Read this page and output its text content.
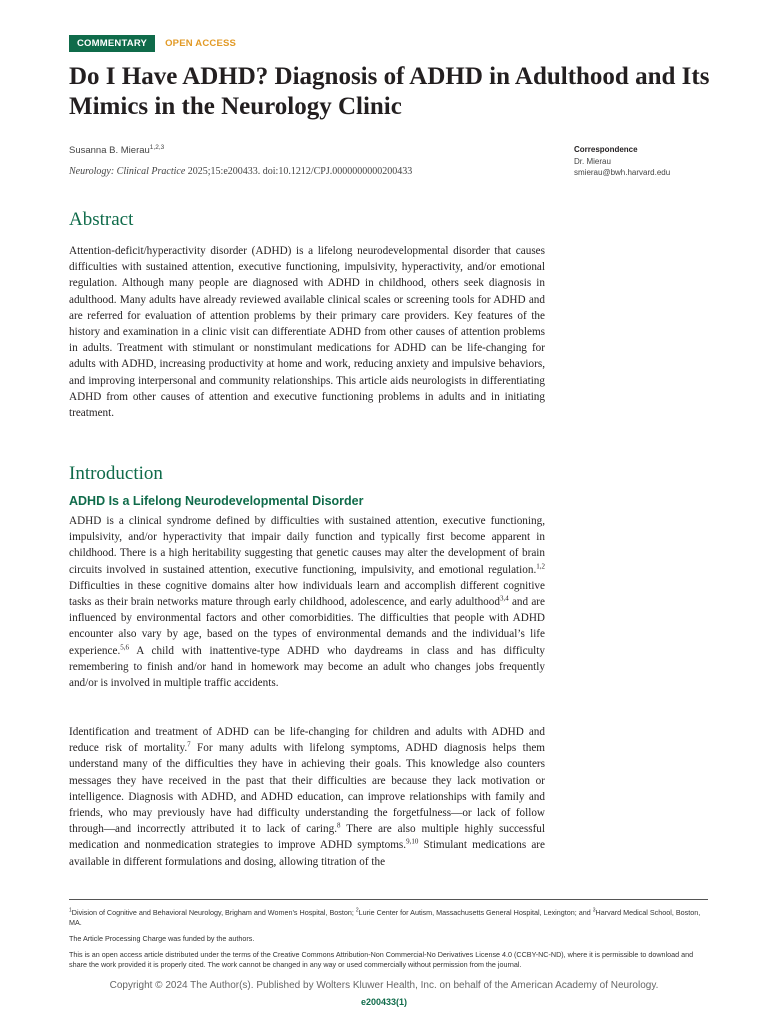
COMMENTARY	OPEN ACCESS
Do I Have ADHD? Diagnosis of ADHD in Adulthood and Its Mimics in the Neurology Clinic
Susanna B. Mierau$^{1,2,3}$
Neurology: Clinical Practice 2025;15:e200433. doi:10.1212/CPJ.0000000000200433
Correspondence
Dr. Mierau
smierau@bwh.harvard.edu
Abstract

Attention-deficit/hyperactivity disorder (ADHD) is a lifelong neurodevelopmental disorder that causes difficulties with sustained attention, executive functioning, impulsivity, hyperactivity, and/or emotional regulation. Although many people are diagnosed with ADHD in childhood, others seek diagnosis in adulthood. Many adults have already reviewed available clinical scales or screening tools for ADHD and are referred for evaluation of attention problems by their primary care providers. Key features of the history and examination in a clinic visit can differentiate ADHD from other causes of attention problems in adults. Treatment with stimulant or nonstimulant medications for ADHD can be life-changing for adults with ADHD, increasing productivity at home and work, reducing anxiety and impulsive behaviors, and improving interpersonal and community relationships. This article aids neurologists in differentiating ADHD from other causes of attention and executive functioning problems in adults and in initiating treatment.

Introduction
ADHD Is a Lifelong Neurodevelopmental Disorder

ADHD is a clinical syndrome defined by difficulties with sustained attention, executive functioning, impulsivity, and/or hyperactivity that impair daily function and typically first become apparent in childhood. There is a high heritability suggesting that genetic causes may alter the development of brain circuits involved in sustained attention, executive functioning, impulsivity, and emotional regulation.$^{1,2}$ Difficulties in these cognitive domains alter how individuals learn and accomplish different cognitive tasks as their brain networks mature through early childhood, adolescence, and early adulthood$^{3,4}$ and are influenced by environmental factors and other comorbidities. The difficulties that people with ADHD encounter also vary by age, based on the types of environmental demands and the individual’s life experience.$^{5,6}$ A child with inattentive-type ADHD who daydreams in class and has difficulty remembering to finish and/or hand in homework may become an adult who changes jobs frequently and/or is involved in multiple traffic accidents.

Identification and treatment of ADHD can be life-changing for children and adults with ADHD and reduce risk of mortality.$^7$ For many adults with lifelong symptoms, ADHD diagnosis helps them understand many of the difficulties they have in achieving their goals. This knowledge also counters messages they have received in the past that their difficulties are because they lack motivation or intelligence. Diagnosis with ADHD, and ADHD education, can improve relationships with family and friends, who may previously have had difficulty understanding the forgetfulness—or lack of follow through—and incorrectly attributed it to lack of caring.$^8$ There are also multiple highly successful medication and nonmedication strategies to improve ADHD symptoms.$^{9,10}$ Stimulant medications are available in different formulations and dosing, allowing titration of the

$^1$Division of Cognitive and Behavioral Neurology, Brigham and Women’s Hospital, Boston; $^2$Lurie Center for Autism, Massachusetts General Hospital, Lexington; and $^3$Harvard Medical School, Boston, MA.

The Article Processing Charge was funded by the authors.

This is an open access article distributed under the terms of the Creative Commons Attribution-Non Commercial-No Derivatives License 4.0 (CCBY-NC-ND), where it is permissible to download and share the work provided it is properly cited. The work cannot be changed in any way or used commercially without permission from the journal.

Copyright © 2024 The Author(s). Published by Wolters Kluwer Health, Inc. on behalf of the American Academy of Neurology.
e200433(1)
